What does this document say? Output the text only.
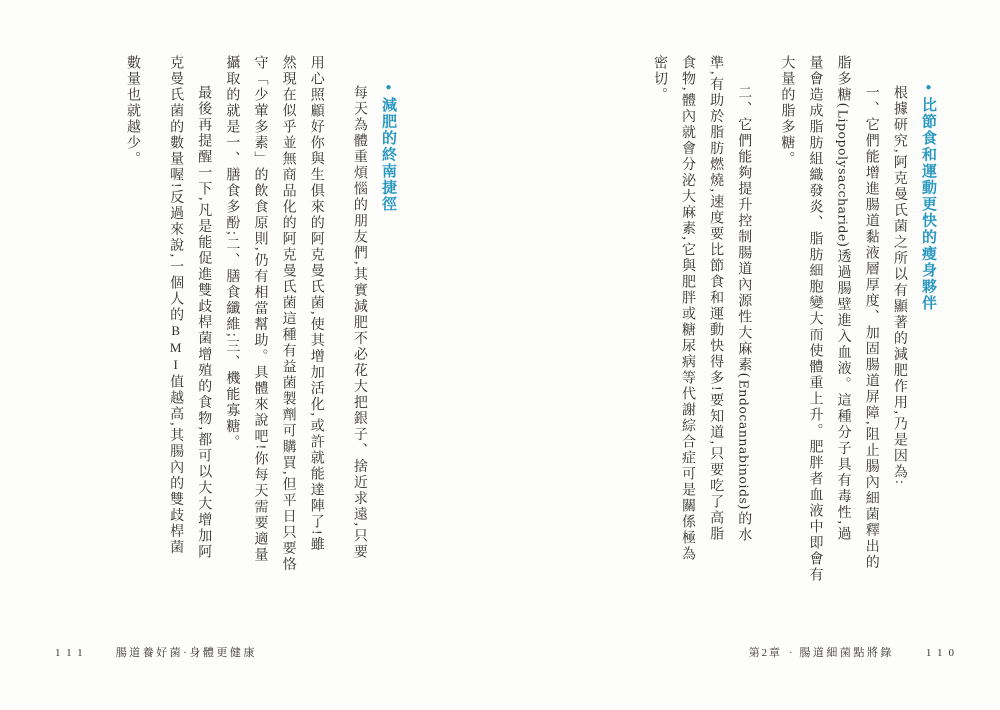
●比節食和運動更快的瘦身夥伴
根據研究,阿克曼氏菌之所以有顯著的減肥作用,乃是因為:
一、它們能增進腸道黏液層厚度、加固腸道屏障,阻止腸內細菌釋出的
脂多糖(Lipopolysaccharide)透過腸壁進入血液。這種分子具有毒性,過
量會造成脂肪組織發炎、脂肪細胞變大而使體重上升。肥胖者血液中即會有
大量的脂多糖。
二、它們能夠提升控制腸道內源性大麻素(Endocannabinoids)的水
準,有助於脂肪燃燒,速度要比節食和運動快得多!要知道,只要吃了高脂
食物,體內就會分泌大麻素,它與肥胖或糖尿病等代謝綜合症可是關係極為
密切。
●減肥的終南捷徑
每天為體重煩惱的朋友們,其實減肥不必花大把銀子、捨近求遠,只要
用心照顧好你與生俱來的阿克曼氏菌,使其增加活化,或許就能達陣了!雖
然現在似乎並無商品化的阿克曼氏菌這種有益菌製劑可購買,但平日只要恪
守「少葷多素」的飲食原則,仍有相當幫助。具體來說吧!你每天需要適量
攝取的就是一、膳食多酚;二、膳食纖維;三、機能寡糖。
最後再提醒一下,凡是能促進雙歧桿菌增殖的食物,都可以大大增加阿
克曼氏菌的數量喔!反過來說,一個人的BMI值越高,其腸內的雙歧桿菌
數量也就越少。
111 腸道養好菌·身體更健康	第2章 · 腸道細菌點將錄	110
